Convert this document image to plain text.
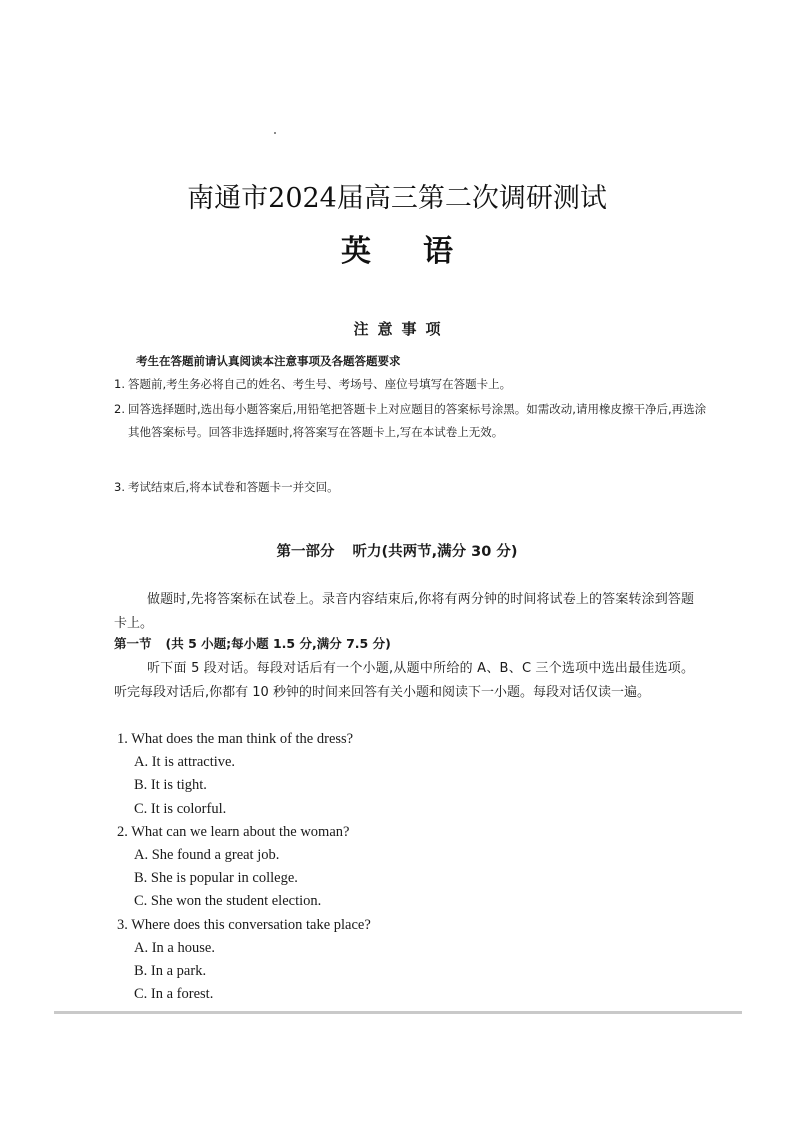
南通市2024届高三第二次调研测试
英语
注意事项
考生在答题前请认真阅读本注意事项及各题答题要求
1. 答题前,考生务必将自己的姓名、考生号、考场号、座位号填写在答题卡上。
2. 回答选择题时,选出每小题答案后,用铅笔把答题卡上对应题目的答案标号涂黑。如需改动,请用橡皮擦干净后,再选涂其他答案标号。回答非选择题时,将答案写在答题卡上,写在本试卷上无效。
3. 考试结束后,将本试卷和答题卡一并交回。
第一部分 听力(共两节,满分 30 分)
做题时,先将答案标在试卷上。录音内容结束后,你将有两分钟的时间将试卷上的答案转涂到答题卡上。
第一节 (共 5 小题;每小题 1.5 分,满分 7.5 分)
听下面 5 段对话。每段对话后有一个小题,从题中所给的 A、B、C 三个选项中选出最佳选项。听完每段对话后,你都有 10 秒钟的时间来回答有关小题和阅读下一小题。每段对话仅读一遍。
1. What does the man think of the dress?
A. It is attractive.
B. It is tight.
C. It is colorful.
2. What can we learn about the woman?
A. She found a great job.
B. She is popular in college.
C. She won the student election.
3. Where does this conversation take place?
A. In a house.
B. In a park.
C. In a forest.
